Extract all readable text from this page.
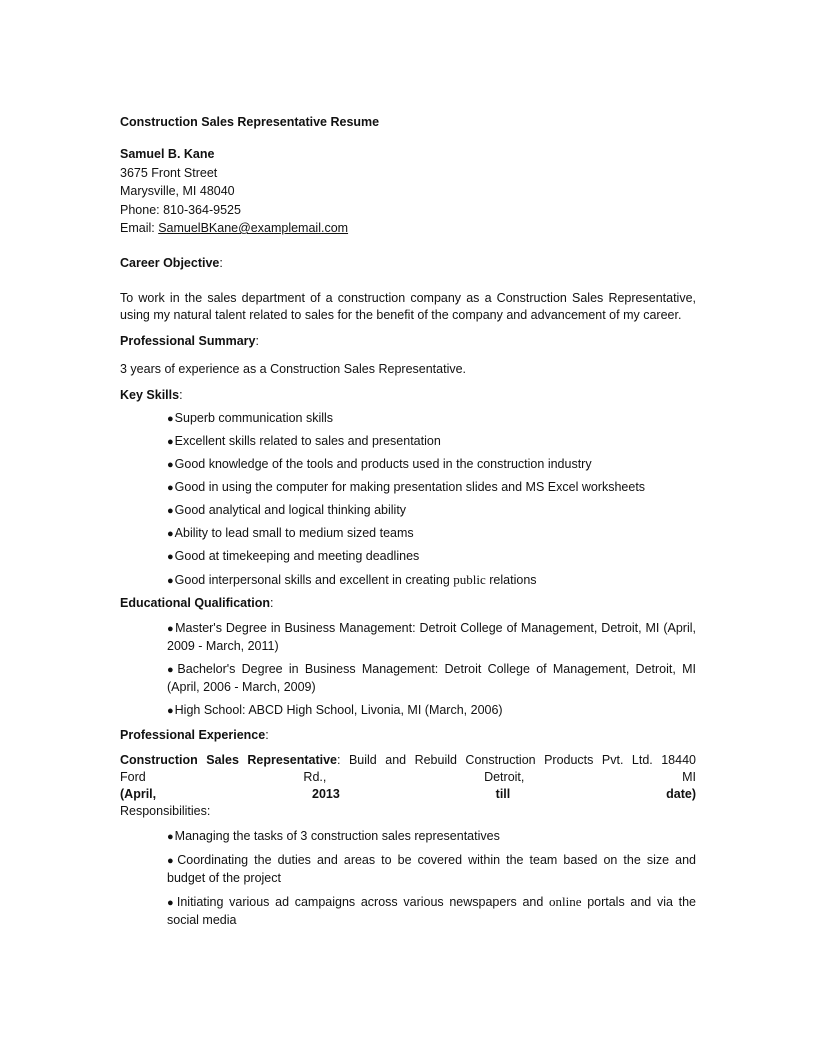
Construction Sales Representative Resume
Samuel B. Kane
3675 Front Street
Marysville, MI 48040
Phone: 810-364-9525
Email: SamuelBKane@examplemail.com
Career Objective:
To work in the sales department of a construction company as a Construction Sales Representative, using my natural talent related to sales for the benefit of the company and advancement of my career.
Professional Summary:
3 years of experience as a Construction Sales Representative.
Key Skills:
●Superb communication skills
●Excellent skills related to sales and presentation
●Good knowledge of the tools and products used in the construction industry
●Good in using the computer for making presentation slides and MS Excel worksheets
●Good analytical and logical thinking ability
●Ability to lead small to medium sized teams
●Good at timekeeping and meeting deadlines
●Good interpersonal skills and excellent in creating public relations
Educational Qualification:
●Master's Degree in Business Management: Detroit College of Management, Detroit, MI (April, 2009 - March, 2011)
●Bachelor's Degree in Business Management: Detroit College of Management, Detroit, MI (April, 2006 - March, 2009)
●High School: ABCD High School, Livonia, MI (March, 2006)
Professional Experience:
Construction Sales Representative: Build and Rebuild Construction Products Pvt. Ltd. 18440
Ford Rd., Detroit, MI
(April, 2013 till date)
Responsibilities:
●Managing the tasks of 3 construction sales representatives
●Coordinating the duties and areas to be covered within the team based on the size and budget of the project
●Initiating various ad campaigns across various newspapers and online portals and via the social media
